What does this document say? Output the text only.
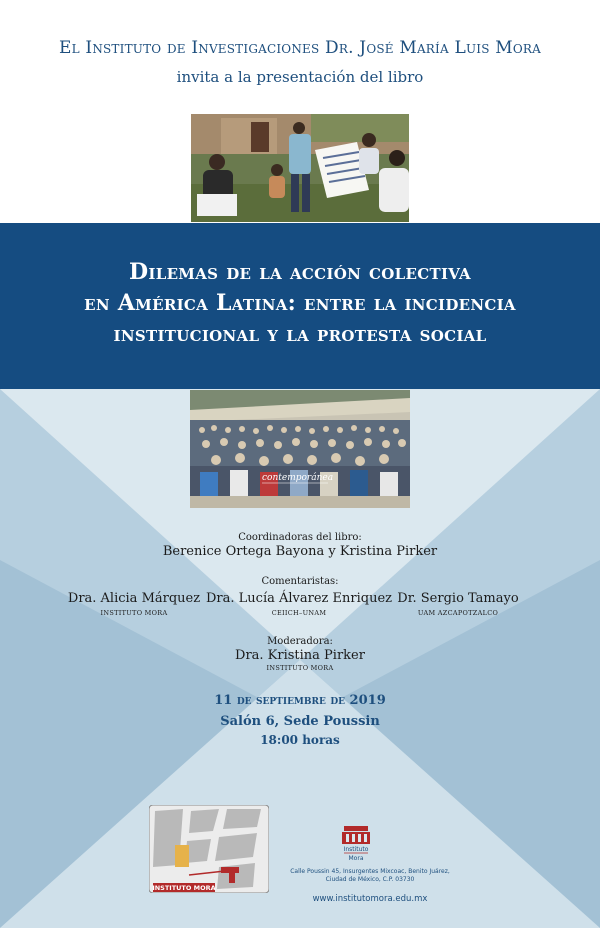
El Instituto de Investigaciones Dr. José María Luis Mora
invita a la presentación del libro
Dilemas de la acción colectiva
en América Latina: entre la incidencia
institucional y la protesta social
contemporánea
Coordinadoras del libro:
Berenice Ortega Bayona y Kristina Pirker
Comentaristas:
Dra. Alicia Márquez
INSTITUTO MORA
Dra. Lucía Álvarez Enriquez
CEIICH–UNAM
Dr. Sergio Tamayo
UAM AZCAPOTZALCO
Moderadora:
Dra. Kristina Pirker
INSTITUTO MORA
11 de septiembre de 2019
Salón 6, Sede Poussin
18:00 horas
INSTITUTO MORA
Instituto
Mora
Calle Poussin 45, Insurgentes Mixcoac, Benito Juárez,
Ciudad de México, C.P. 03730
www.institutomora.edu.mx
